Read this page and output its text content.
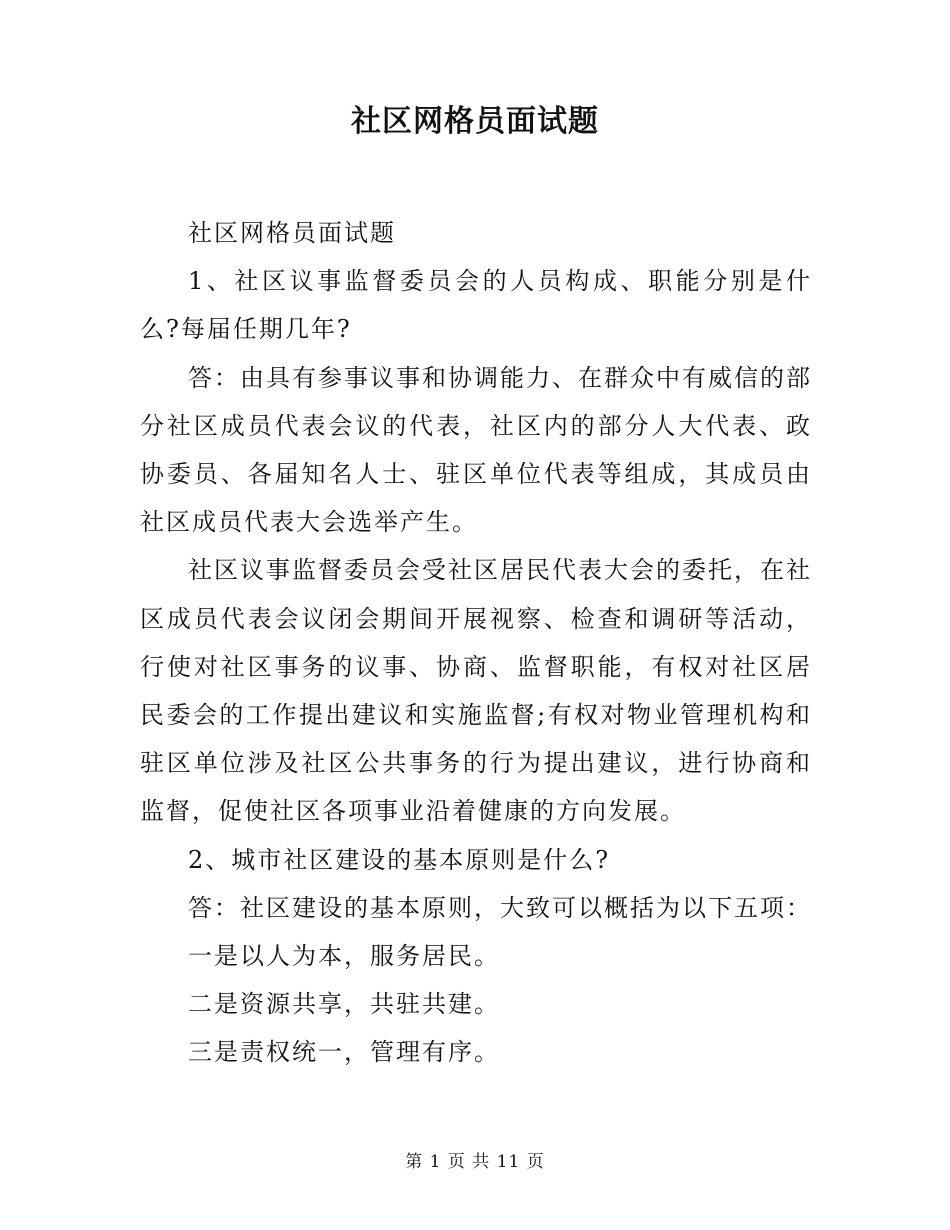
社区网格员面试题

社区网格员面试题

1、社区议事监督委员会的人员构成、职能分别是什么?每届任期几年?

答：由具有参事议事和协调能力、在群众中有威信的部分社区成员代表会议的代表，社区内的部分人大代表、政协委员、各届知名人士、驻区单位代表等组成，其成员由社区成员代表大会选举产生。

社区议事监督委员会受社区居民代表大会的委托，在社区成员代表会议闭会期间开展视察、检查和调研等活动，行使对社区事务的议事、协商、监督职能，有权对社区居民委会的工作提出建议和实施监督;有权对物业管理机构和驻区单位涉及社区公共事务的行为提出建议，进行协商和监督，促使社区各项事业沿着健康的方向发展。

2、城市社区建设的基本原则是什么?

答：社区建设的基本原则，大致可以概括为以下五项：

一是以人为本，服务居民。

二是资源共享，共驻共建。

三是责权统一，管理有序。

第 1 页 共 11 页
